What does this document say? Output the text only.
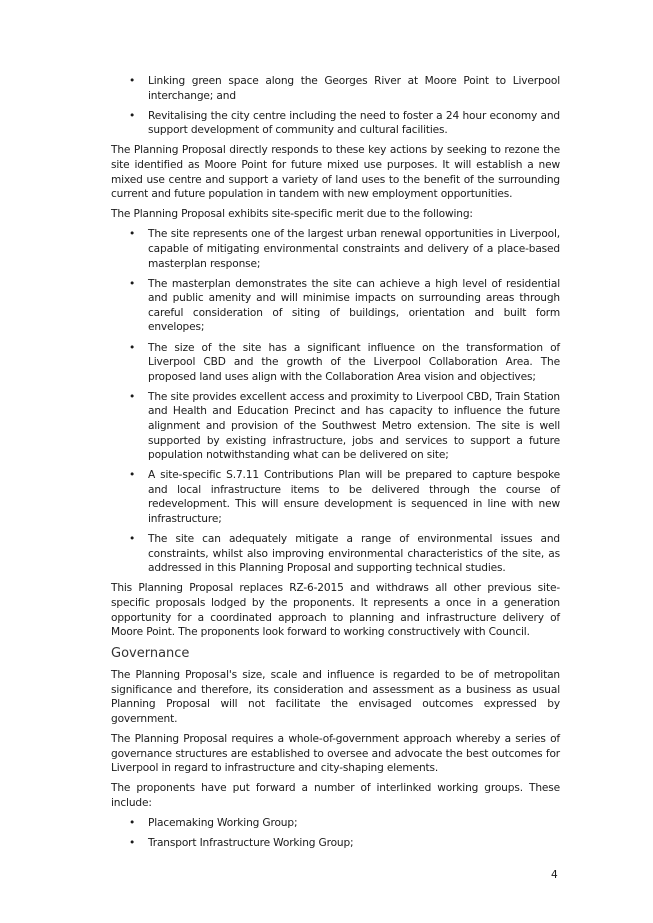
• Linking green space along the Georges River at Moore Point to Liverpool interchange; and
• Revitalising the city centre including the need to foster a 24 hour economy and support development of community and cultural facilities.

The Planning Proposal directly responds to these key actions by seeking to rezone the site identified as Moore Point for future mixed use purposes. It will establish a new mixed use centre and support a variety of land uses to the benefit of the surrounding current and future population in tandem with new employment opportunities.

The Planning Proposal exhibits site-specific merit due to the following:

• The site represents one of the largest urban renewal opportunities in Liverpool, capable of mitigating environmental constraints and delivery of a place-based masterplan response;
• The masterplan demonstrates the site can achieve a high level of residential and public amenity and will minimise impacts on surrounding areas through careful consideration of siting of buildings, orientation and built form envelopes;
• The size of the site has a significant influence on the transformation of Liverpool CBD and the growth of the Liverpool Collaboration Area. The proposed land uses align with the Collaboration Area vision and objectives;
• The site provides excellent access and proximity to Liverpool CBD, Train Station and Health and Education Precinct and has capacity to influence the future alignment and provision of the Southwest Metro extension. The site is well supported by existing infrastructure, jobs and services to support a future population notwithstanding what can be delivered on site;
• A site-specific S.7.11 Contributions Plan will be prepared to capture bespoke and local infrastructure items to be delivered through the course of redevelopment. This will ensure development is sequenced in line with new infrastructure;
• The site can adequately mitigate a range of environmental issues and constraints, whilst also improving environmental characteristics of the site, as addressed in this Planning Proposal and supporting technical studies.

This Planning Proposal replaces RZ-6-2015 and withdraws all other previous site-specific proposals lodged by the proponents. It represents a once in a generation opportunity for a coordinated approach to planning and infrastructure delivery of Moore Point. The proponents look forward to working constructively with Council.

Governance

The Planning Proposal's size, scale and influence is regarded to be of metropolitan significance and therefore, its consideration and assessment as a business as usual Planning Proposal will not facilitate the envisaged outcomes expressed by government.

The Planning Proposal requires a whole-of-government approach whereby a series of governance structures are established to oversee and advocate the best outcomes for Liverpool in regard to infrastructure and city-shaping elements.

The proponents have put forward a number of interlinked working groups. These include:

• Placemaking Working Group;
• Transport Infrastructure Working Group;
4
